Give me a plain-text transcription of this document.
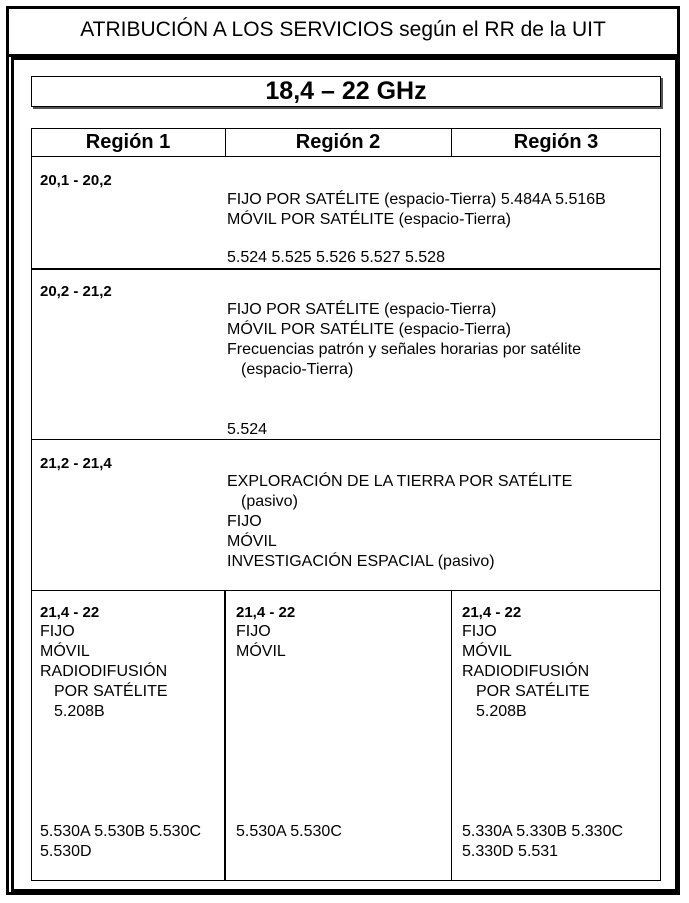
ATRIBUCIÓN A LOS SERVICIOS según el RR de la UIT
18,4 – 22 GHz
Región 1	Región 2	Región 3
20,1 - 20,2
FIJO POR SATÉLITE (espacio-Tierra) 5.484A 5.516B
MÓVIL POR SATÉLITE (espacio-Tierra)
5.524 5.525 5.526 5.527 5.528
20,2 - 21,2
FIJO POR SATÉLITE (espacio-Tierra)
MÓVIL POR SATÉLITE (espacio-Tierra)
Frecuencias patrón y señales horarias por satélite
(espacio-Tierra)
5.524
21,2 - 21,4
EXPLORACIÓN DE LA TIERRA POR SATÉLITE
(pasivo)
FIJO
MÓVIL
INVESTIGACIÓN ESPACIAL (pasivo)
21,4 - 22
FIJO
MÓVIL
RADIODIFUSIÓN
POR SATÉLITE
5.208B
5.530A 5.530B 5.530C
5.530D
21,4 - 22
FIJO
MÓVIL
5.530A 5.530C
21,4 - 22
FIJO
MÓVIL
RADIODIFUSIÓN
POR SATÉLITE
5.208B
5.330A 5.330B 5.330C
5.330D 5.531
